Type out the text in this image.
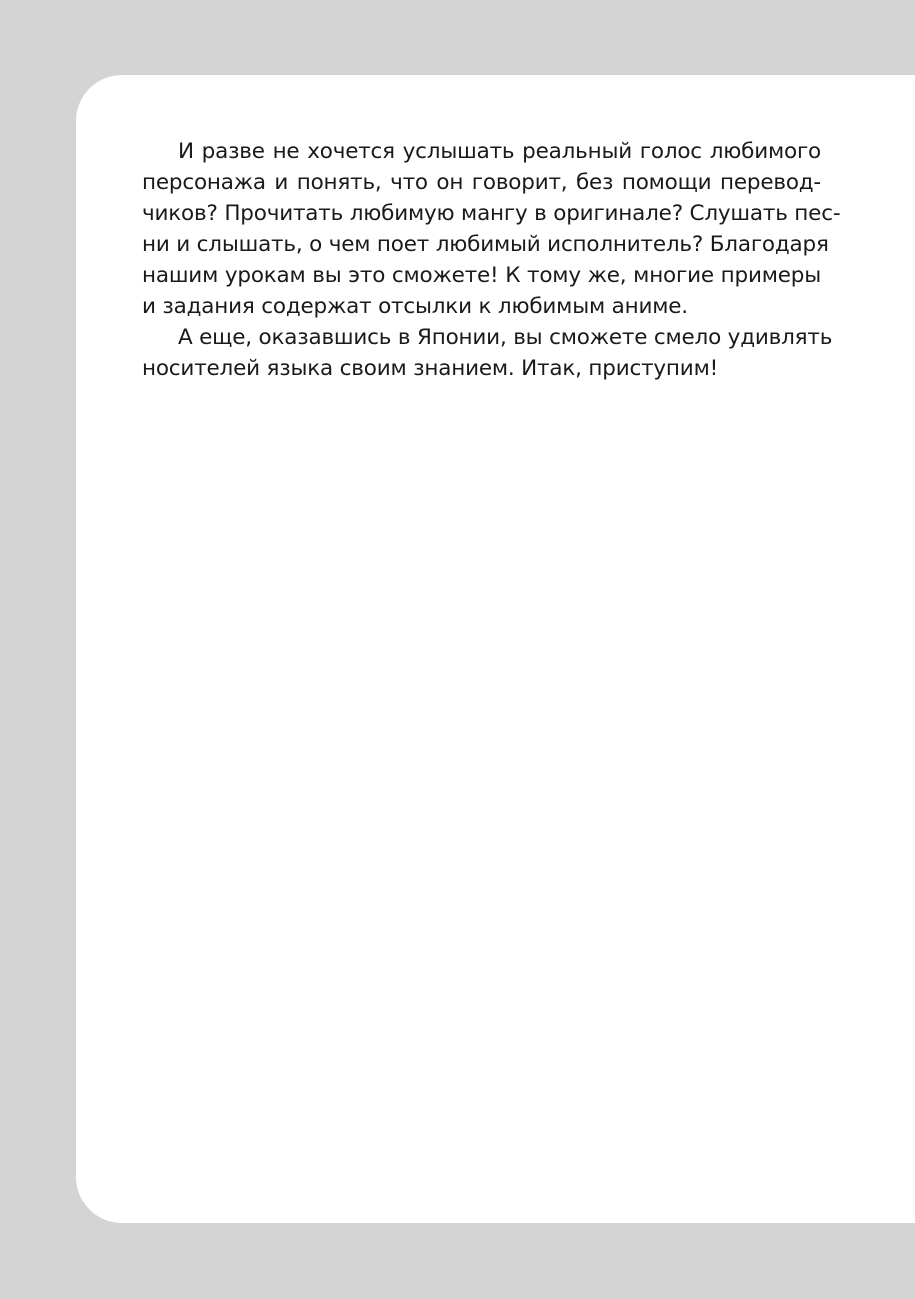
И разве не хочется услышать реальный голос любимого
персонажа и понять, что он говорит, без помощи перевод-
чиков? Прочитать любимую мангу в оригинале? Слушать пес-
ни и слышать, о чем поет любимый исполнитель? Благодаря
нашим урокам вы это сможете! К тому же, многие примеры
и задания содержат отсылки к любимым аниме.
А еще, оказавшись в Японии, вы сможете смело удивлять
носителей языка своим знанием. Итак, приступим!
